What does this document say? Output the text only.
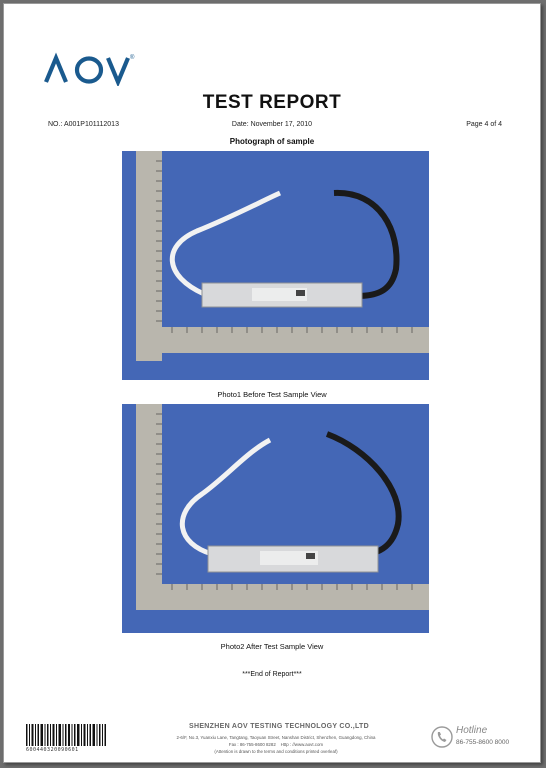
®
TEST REPORT
NO.: A001P101112013	Date: November 17, 2010	Page 4 of 4
Photograph of sample
Photo1 Before Test Sample View
Photo2 After Test Sample View
***End of Report***
600440320090601
SHENZHEN AOV TESTING TECHNOLOGY CO.,LTD
2-6/F, No.3, Yuanxiu Lane, Tangtang, Taoyuan Street, Nanshan District, Shenzhen, Guangdong, China
Fax : 86-755-8600 8282    Http : //www.aovt.com
(Attention is drawn to the terms and conditions printed overleaf)
Hotline
86-755-8600 8000
